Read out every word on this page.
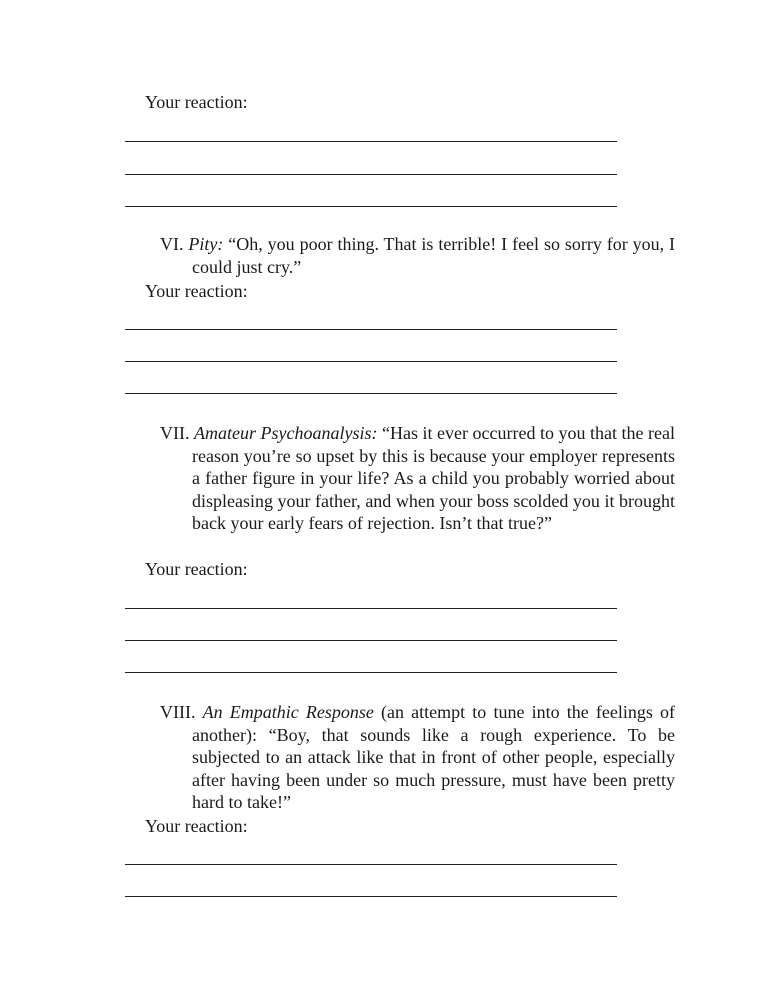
Your reaction:
VI. Pity: “Oh, you poor thing. That is terrible! I feel so sorry for you, I could just cry.”
Your reaction:
VII. Amateur Psychoanalysis: “Has it ever occurred to you that the real reason you’re so upset by this is because your employer represents a father figure in your life? As a child you probably worried about displeasing your father, and when your boss scolded you it brought back your early fears of rejection. Isn’t that true?”
Your reaction:
VIII. An Empathic Response (an attempt to tune into the feelings of another): “Boy, that sounds like a rough experience. To be subjected to an attack like that in front of other people, especially after having been under so much pressure, must have been pretty hard to take!”
Your reaction:
